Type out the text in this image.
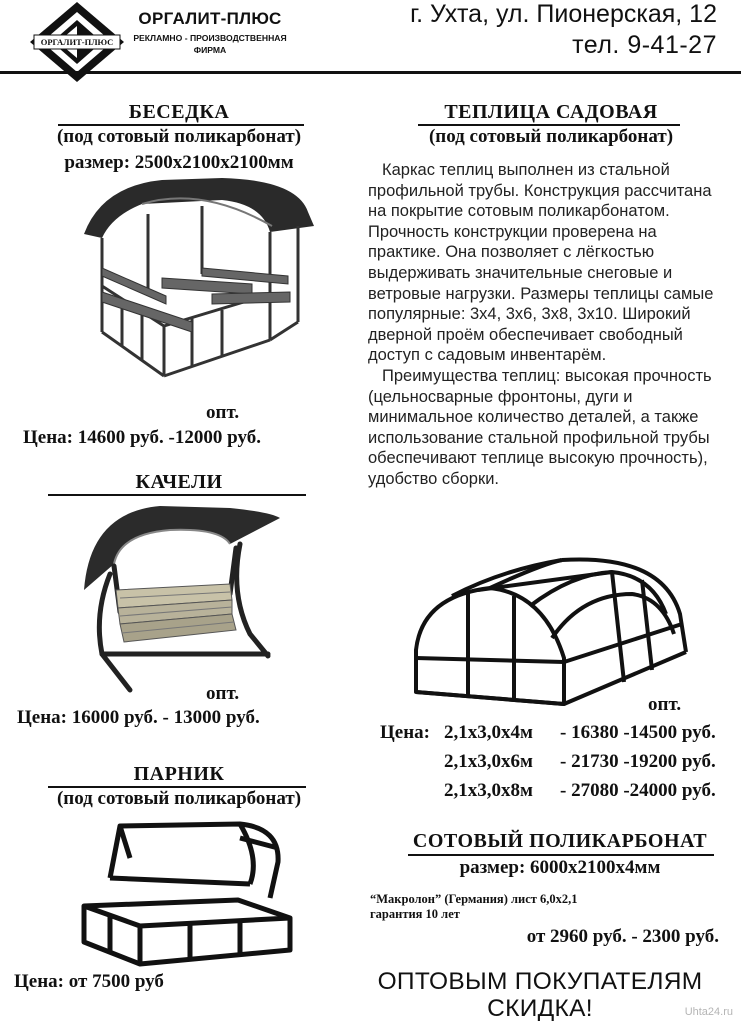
ОРГАЛИТ-ПЛЮС
ОРГАЛИТ-ПЛЮС
РЕКЛАМНО - ПРОИЗВОДСТВЕННАЯ
ФИРМА
г. Ухта, ул. Пионерская, 12
тел. 9-41-27
БЕСЕДКА
(под сотовый поликарбонат)
размер: 2500х2100х2100мм
опт.
Цена: 14600 руб. -12000 руб.
КАЧЕЛИ
опт.
Цена: 16000 руб. - 13000 руб.
ПАРНИК
(под сотовый поликарбонат)
Цена: от 7500 руб
ТЕПЛИЦА САДОВАЯ
(под сотовый поликарбонат)

Каркас теплиц выполнен из стальной профильной трубы. Конструкция рассчитана на покрытие сотовым поликарбонатом. Прочность конструкции проверена на практике. Она позволяет с лёгкостью выдерживать значительные снеговые и ветровые нагрузки. Размеры теплицы самые популярные: 3х4, 3х6, 3х8, 3х10. Широкий дверной проём обеспечивает свободный доступ с садовым инвентарём.

Преимущества теплиц: высокая прочность (цельносварные фронтоны, дуги и минимальное количество деталей, а также использование стальной профильной трубы обеспечивают теплице высокую прочность), удобство сборки.

опт.
Цена: 2,1х3,0х4м - 16380 -14500 руб.
2,1х3,0х6м - 21730 -19200 руб.
2,1х3,0х8м - 27080 -24000 руб.
СОТОВЫЙ ПОЛИКАРБОНАТ
размер: 6000х2100х4мм
“Макролон” (Германия) лист 6,0х2,1
гарантия 10 лет
от 2960 руб. - 2300 руб.
ОПТОВЫМ ПОКУПАТЕЛЯМ
СКИДКА!	Uhta24.ru
